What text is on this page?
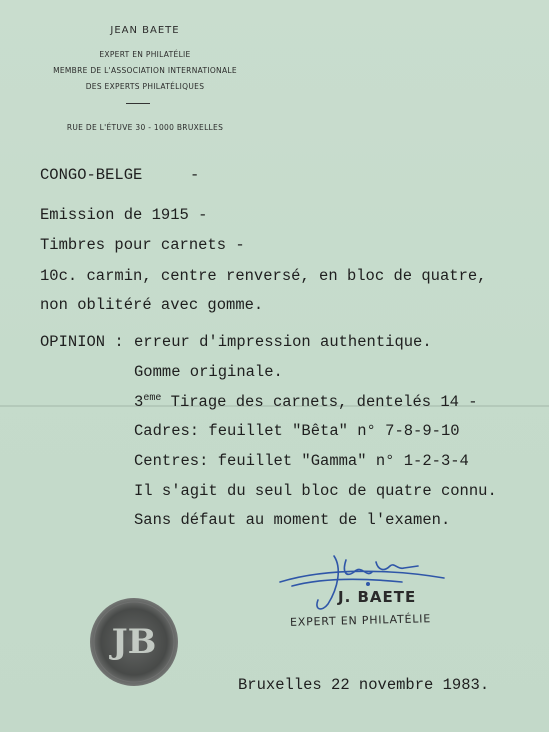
JEAN BAETE
EXPERT EN PHILATÉLIE
MEMBRE DE L'ASSOCIATION INTERNATIONALE
DES EXPERTS PHILATÉLIQUES
RUE DE L'ÉTUVE 30 - 1000 BRUXELLES
CONGO-BELGE	-
Emission de 1915 -
Timbres pour carnets -
10c. carmin, centre renversé, en bloc de quatre,
non oblitéré avec gomme.
OPINION : erreur d'impression authentique.
Gomme originale.
3eme Tirage des carnets, dentelés 14 -
Cadres: feuillet "Bêta" n° 7-8-9-10
Centres: feuillet "Gamma" n° 1-2-3-4
Il s'agit du seul bloc de quatre connu.
Sans défaut au moment de l'examen.
J. BAETE
EXPERT EN PHILATÉLIE
JB
Bruxelles 22 novembre 1983.
